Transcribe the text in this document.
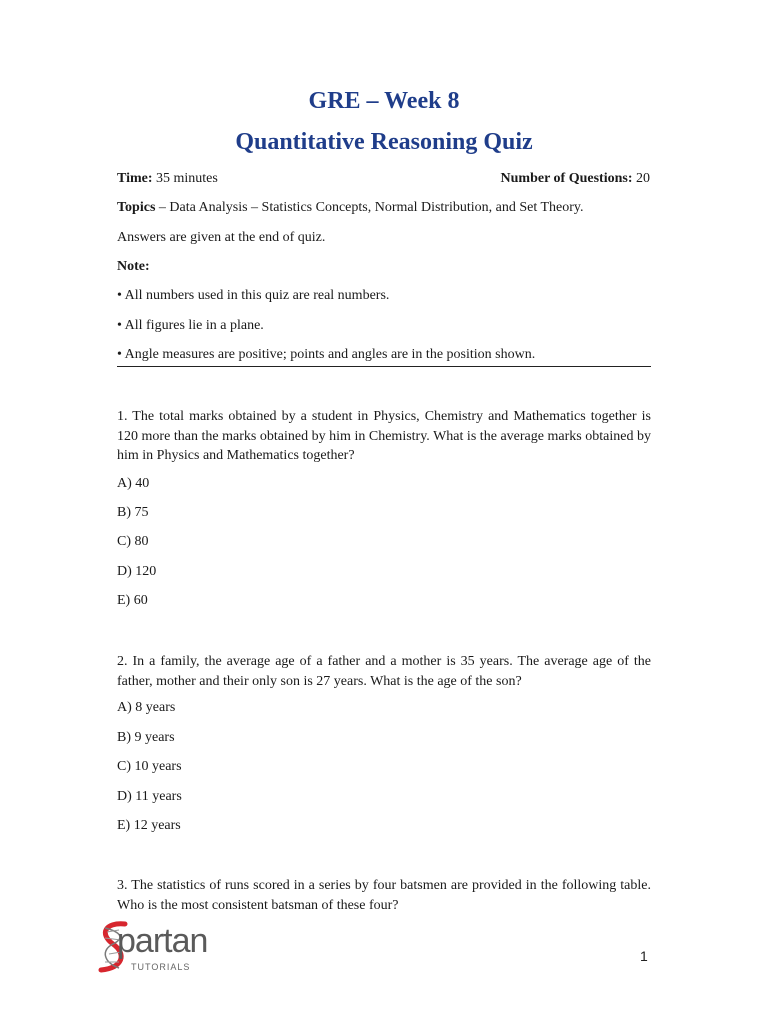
GRE – Week 8
Quantitative Reasoning Quiz
Time: 35 minutes	Number of Questions: 20
Topics – Data Analysis – Statistics Concepts, Normal Distribution, and Set Theory.
Answers are given at the end of quiz.
Note:
• All numbers used in this quiz are real numbers.
• All figures lie in a plane.
• Angle measures are positive; points and angles are in the position shown.
1. The total marks obtained by a student in Physics, Chemistry and Mathematics together is 120 more than the marks obtained by him in Chemistry. What is the average marks obtained by him in Physics and Mathematics together?
A) 40
B) 75
C) 80
D) 120
E) 60
2. In a family, the average age of a father and a mother is 35 years. The average age of the father, mother and their only son is 27 years. What is the age of the son?
A) 8 years
B) 9 years
C) 10 years
D) 11 years
E) 12 years
3. The statistics of runs scored in a series by four batsmen are provided in the following table. Who is the most consistent batsman of these four?
partan
TUTORIALS
1
